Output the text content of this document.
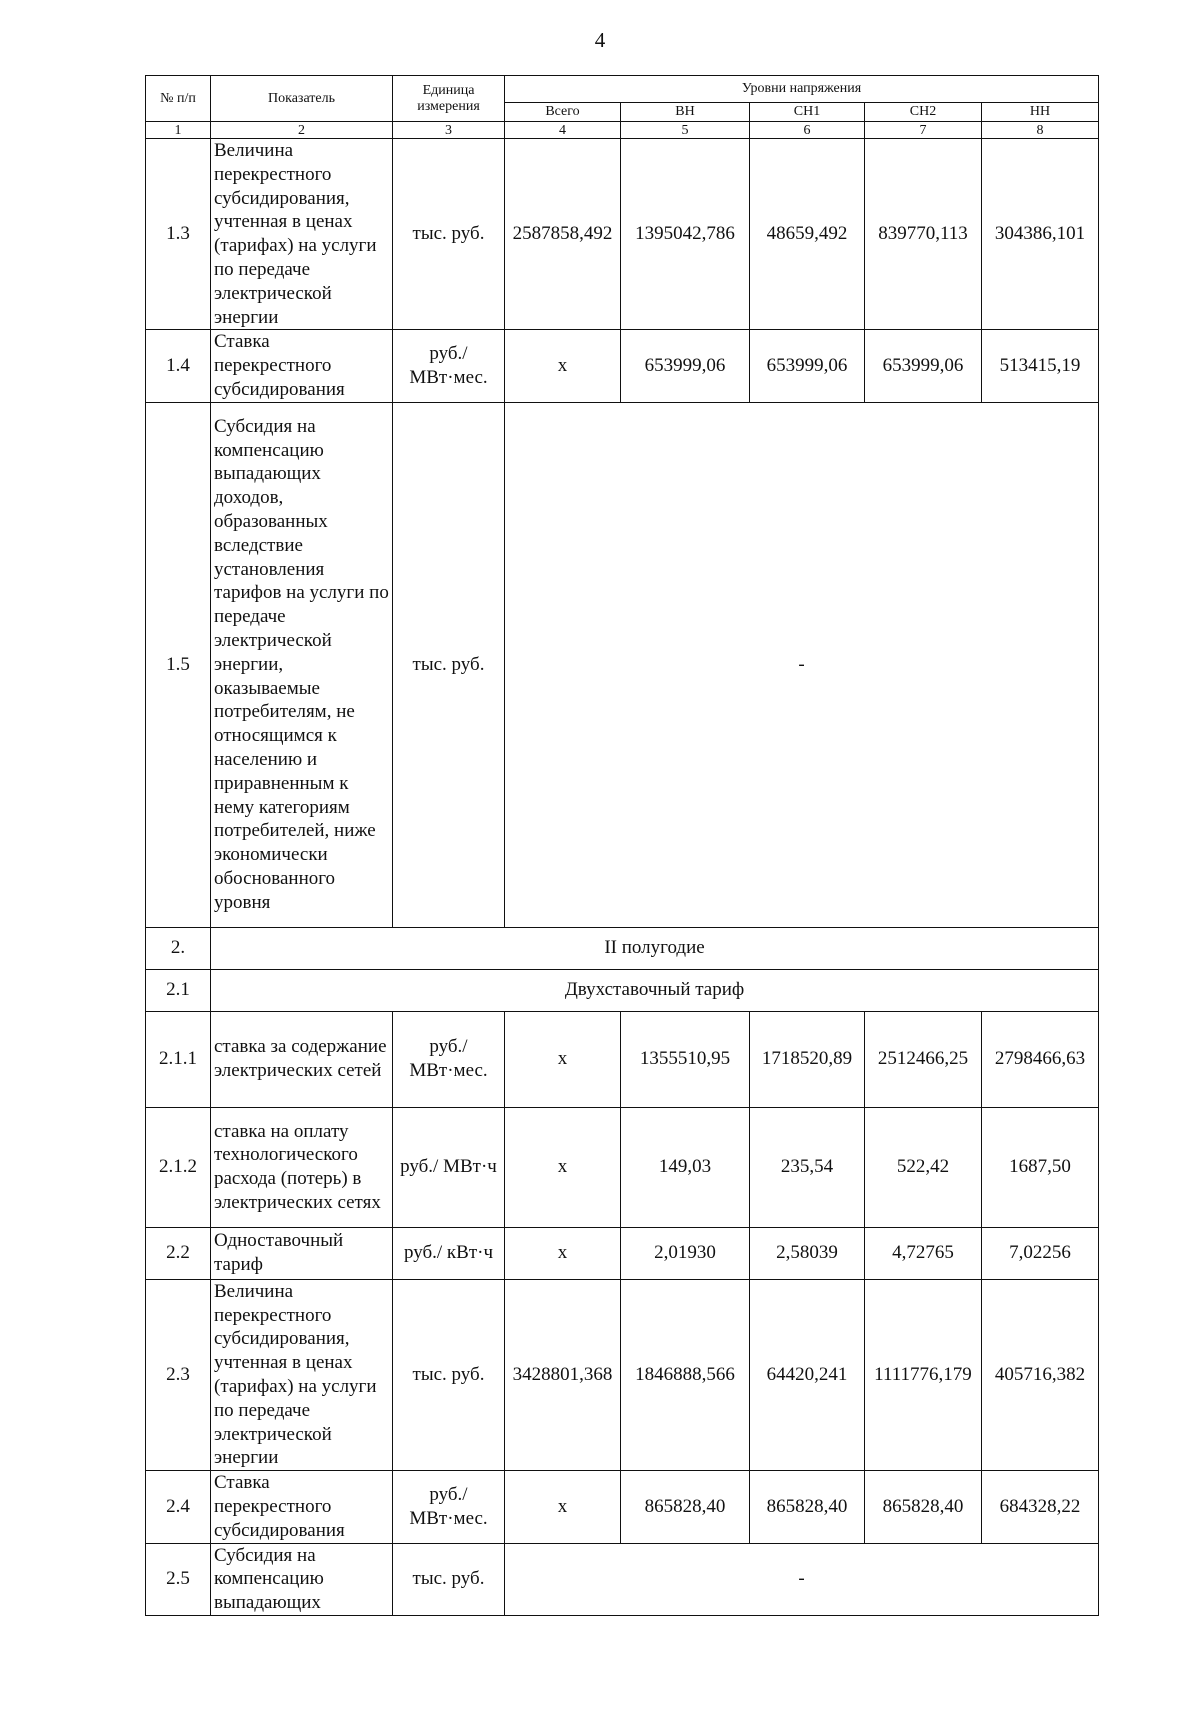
4
№ п/п	Показатель	Единица измерения	Уровни напряжения				
			Всего	ВН	СН1	СН2	НН
1	2	3	4	5	6	7	8
1.3	Величина перекрестного субсидирования, учтенная в ценах (тарифах) на услуги по передаче электрической энергии	тыс. руб.	2587858,492	1395042,786	48659,492	839770,113	304386,101
1.4	Ставка перекрестного субсидирования	руб./ МВт·мес.	х	653999,06	653999,06	653999,06	513415,19
1.5	Субсидия на компенсацию выпадающих доходов, образованных вследствие установления тарифов на услуги по передаче электрической энергии, оказываемые потребителям, не относящимся к населению и приравненным к нему категориям потребителей, ниже экономически обоснованного уровня	тыс. руб.	-				
2.	II полугодие						
2.1	Двухставочный тариф						
2.1.1	ставка за содержание электрических сетей	руб./ МВт·мес.	х	1355510,95	1718520,89	2512466,25	2798466,63
2.1.2	ставка на оплату технологического расхода (потерь) в электрических сетях	руб./ МВт·ч	х	149,03	235,54	522,42	1687,50
2.2	Одноставочный тариф	руб./ кВт·ч	х	2,01930	2,58039	4,72765	7,02256
2.3	Величина перекрестного субсидирования, учтенная в ценах (тарифах) на услуги по передаче электрической энергии	тыс. руб.	3428801,368	1846888,566	64420,241	1111776,179	405716,382
2.4	Ставка перекрестного субсидирования	руб./ МВт·мес.	х	865828,40	865828,40	865828,40	684328,22
2.5	Субсидия на компенсацию выпадающих	тыс. руб.	-				
